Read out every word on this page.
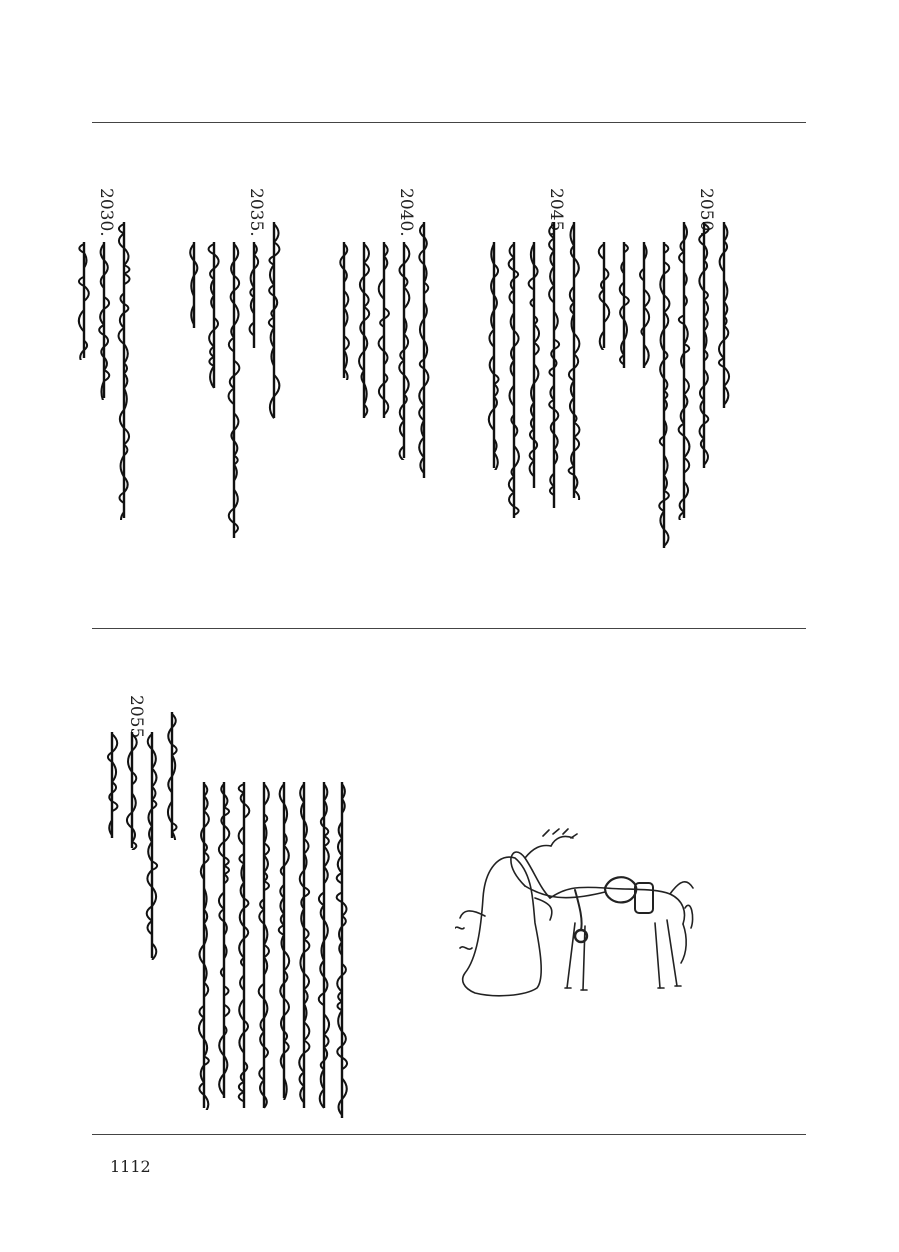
2050.
2045.
2040.
2035.
2030.
2055.
1112
